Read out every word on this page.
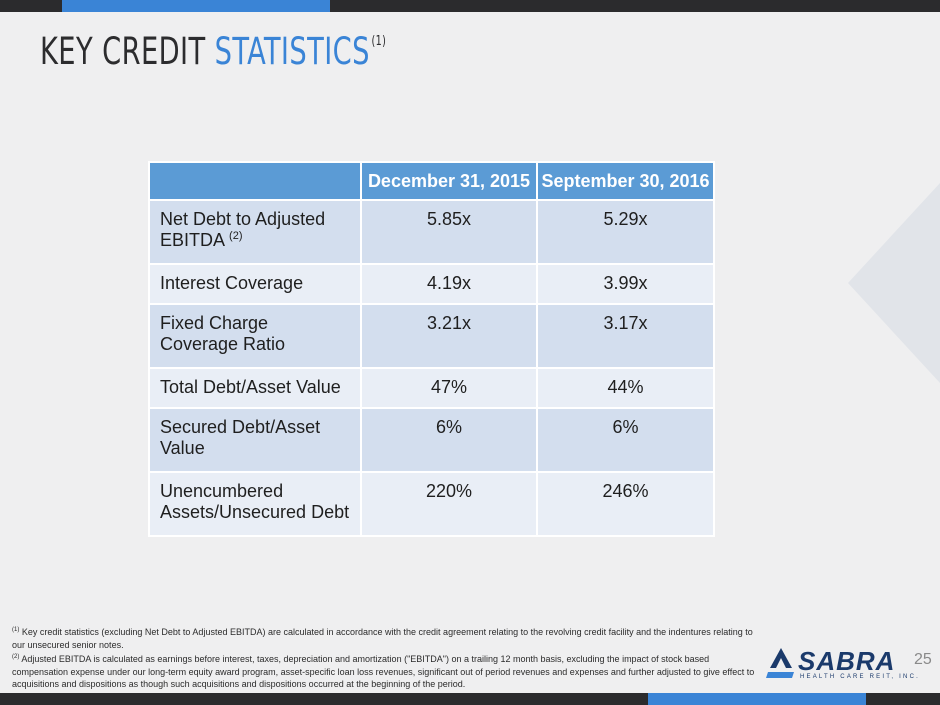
KEY CREDIT STATISTICS $^{(1)}$
	December 31, 2015	September 30, 2016
Net Debt to Adjusted EBITDA $^{(2)}$	5.85x	5.29x
Interest Coverage	4.19x	3.99x
Fixed Charge Coverage Ratio	3.21x	3.17x
Total Debt/Asset Value	47%	44%
Secured Debt/Asset Value	6%	6%
Unencumbered Assets/Unsecured Debt	220%	246%
$^{(1)}$ Key credit statistics (excluding Net Debt to Adjusted EBITDA) are calculated in accordance with the credit agreement relating to the revolving credit facility and the indentures relating to our unsecured senior notes.
$^{(2)}$ Adjusted EBITDA is calculated as earnings before interest, taxes, depreciation and amortization ("EBITDA") on a trailing 12 month basis, excluding the impact of stock based compensation expense under our long-term equity award program, asset-specific loan loss revenues, significant out of period revenues and expenses and further adjusted to give effect to acquisitions and dispositions as though such acquisitions and dispositions occurred at the beginning of the period.
SABRA
HEALTH CARE REIT, INC.
25
